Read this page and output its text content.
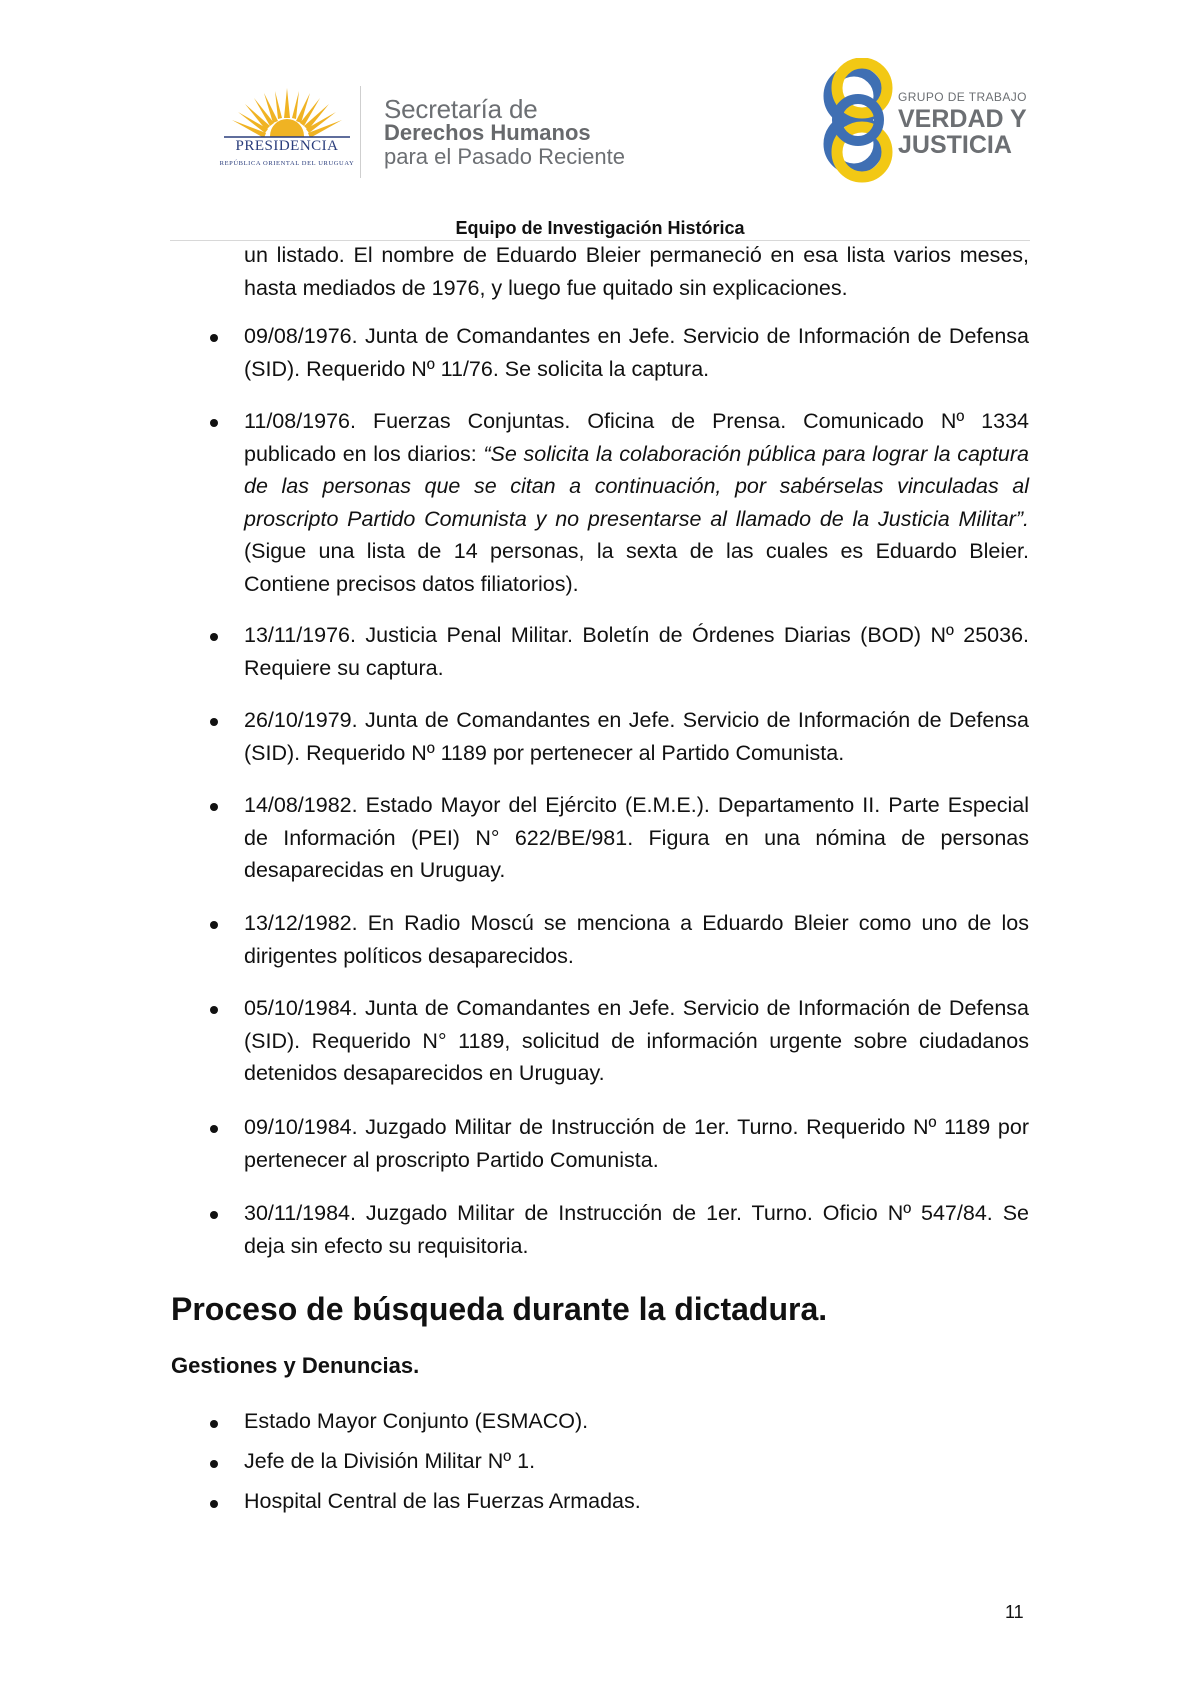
PRESIDENCIA
REPÚBLICA ORIENTAL DEL URUGUAY
Secretaría de
Derechos Humanos
para el Pasado Reciente
GRUPO DE TRABAJO
VERDAD Y
JUSTICIA
Equipo de Investigación Histórica
un listado. El nombre de Eduardo Bleier permaneció en esa lista varios meses, hasta mediados de 1976, y luego fue quitado sin explicaciones.
09/08/1976. Junta de Comandantes en Jefe. Servicio de Información de Defensa (SID). Requerido Nº 11/76. Se solicita la captura.
11/08/1976. Fuerzas Conjuntas. Oficina de Prensa. Comunicado Nº 1334 publicado en los diarios: “Se solicita la colaboración pública para lograr la captura de las personas que se citan a continuación, por sabérselas vinculadas al proscripto Partido Comunista y no presentarse al llamado de la Justicia Militar”. (Sigue una lista de 14 personas, la sexta de las cuales es Eduardo Bleier. Contiene precisos datos filiatorios).
13/11/1976. Justicia Penal Militar. Boletín de Órdenes Diarias (BOD) Nº 25036. Requiere su captura.
26/10/1979. Junta de Comandantes en Jefe. Servicio de Información de Defensa (SID). Requerido Nº 1189 por pertenecer al Partido Comunista.
14/08/1982. Estado Mayor del Ejército (E.M.E.). Departamento II. Parte Especial de Información (PEI) N° 622/BE/981. Figura en una nómina de personas desaparecidas en Uruguay.
13/12/1982. En Radio Moscú se menciona a Eduardo Bleier como uno de los dirigentes políticos desaparecidos.
05/10/1984. Junta de Comandantes en Jefe. Servicio de Información de Defensa (SID). Requerido N° 1189, solicitud de información urgente sobre ciudadanos detenidos desaparecidos en Uruguay.
09/10/1984. Juzgado Militar de Instrucción de 1er. Turno. Requerido Nº 1189 por pertenecer al proscripto Partido Comunista.
30/11/1984. Juzgado Militar de Instrucción de 1er. Turno. Oficio Nº 547/84. Se deja sin efecto su requisitoria.
Proceso de búsqueda durante la dictadura.
Gestiones y Denuncias.
Estado Mayor Conjunto (ESMACO).
Jefe de la División Militar Nº 1.
Hospital Central de las Fuerzas Armadas.
11
